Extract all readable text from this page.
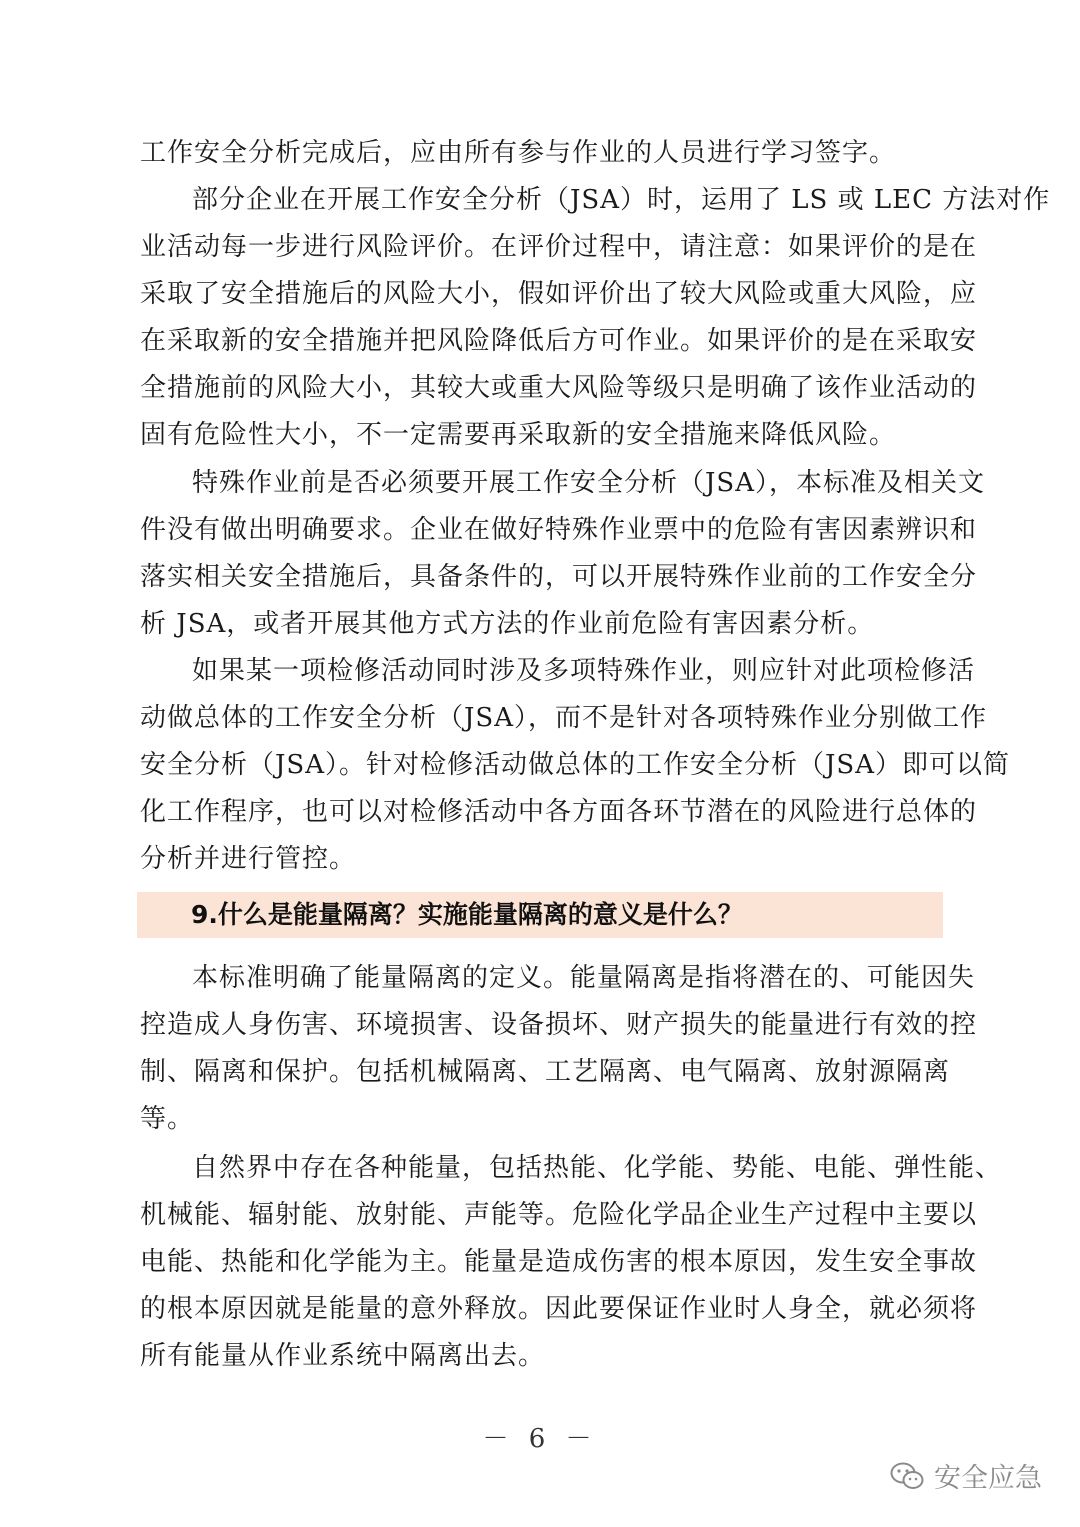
工作安全分析完成后，应由所有参与作业的人员进行学习签字。
部分企业在开展工作安全分析（JSA）时，运用了 LS 或 LEC 方法对作
业活动每一步进行风险评价。在评价过程中，请注意：如果评价的是在
采取了安全措施后的风险大小，假如评价出了较大风险或重大风险，应
在采取新的安全措施并把风险降低后方可作业。如果评价的是在采取安
全措施前的风险大小，其较大或重大风险等级只是明确了该作业活动的
固有危险性大小，不一定需要再采取新的安全措施来降低风险。
特殊作业前是否必须要开展工作安全分析（JSA），本标准及相关文
件没有做出明确要求。企业在做好特殊作业票中的危险有害因素辨识和
落实相关安全措施后，具备条件的，可以开展特殊作业前的工作安全分
析 JSA，或者开展其他方式方法的作业前危险有害因素分析。
如果某一项检修活动同时涉及多项特殊作业，则应针对此项检修活
动做总体的工作安全分析（JSA），而不是针对各项特殊作业分别做工作
安全分析（JSA）。针对检修活动做总体的工作安全分析（JSA）即可以简
化工作程序，也可以对检修活动中各方面各环节潜在的风险进行总体的
分析并进行管控。
9.什么是能量隔离？实施能量隔离的意义是什么？
本标准明确了能量隔离的定义。能量隔离是指将潜在的、可能因失
控造成人身伤害、环境损害、设备损坏、财产损失的能量进行有效的控
制、隔离和保护。包括机械隔离、工艺隔离、电气隔离、放射源隔离
等。
自然界中存在各种能量，包括热能、化学能、势能、电能、弹性能、
机械能、辐射能、放射能、声能等。危险化学品企业生产过程中主要以
电能、热能和化学能为主。能量是造成伤害的根本原因，发生安全事故
的根本原因就是能量的意外释放。因此要保证作业时人身全，就必须将
所有能量从作业系统中隔离出去。
－ 6 －
安全应急
